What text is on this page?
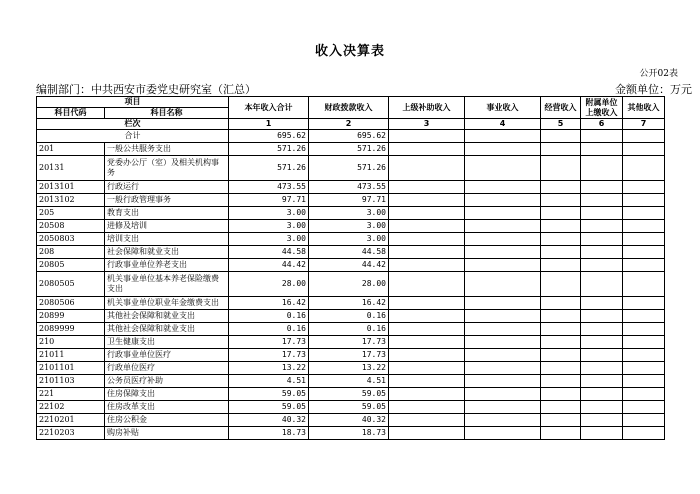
收入决算表
公开02表
编制部门：中共西安市委党史研究室（汇总）	金额单位：万元
项目		本年收入合计	财政拨款收入	上级补助收入	事业收入	经营收入	附属单位上缴收入	其他收入
科目代码	科目名称							
栏次		1	2	3	4	5	6	7
合计		695.62	695.62					
201	一般公共服务支出	571.26	571.26					
20131	党委办公厅（室）及相关机构事务	571.26	571.26					
2013101	行政运行	473.55	473.55					
2013102	一般行政管理事务	97.71	97.71					
205	教育支出	3.00	3.00					
20508	进修及培训	3.00	3.00					
2050803	培训支出	3.00	3.00					
208	社会保障和就业支出	44.58	44.58					
20805	行政事业单位养老支出	44.42	44.42					
2080505	机关事业单位基本养老保险缴费支出	28.00	28.00					
2080506	机关事业单位职业年金缴费支出	16.42	16.42					
20899	其他社会保障和就业支出	0.16	0.16					
2089999	其他社会保障和就业支出	0.16	0.16					
210	卫生健康支出	17.73	17.73					
21011	行政事业单位医疗	17.73	17.73					
2101101	行政单位医疗	13.22	13.22					
2101103	公务员医疗补助	4.51	4.51					
221	住房保障支出	59.05	59.05					
22102	住房改革支出	59.05	59.05					
2210201	住房公积金	40.32	40.32					
2210203	购房补贴	18.73	18.73					
